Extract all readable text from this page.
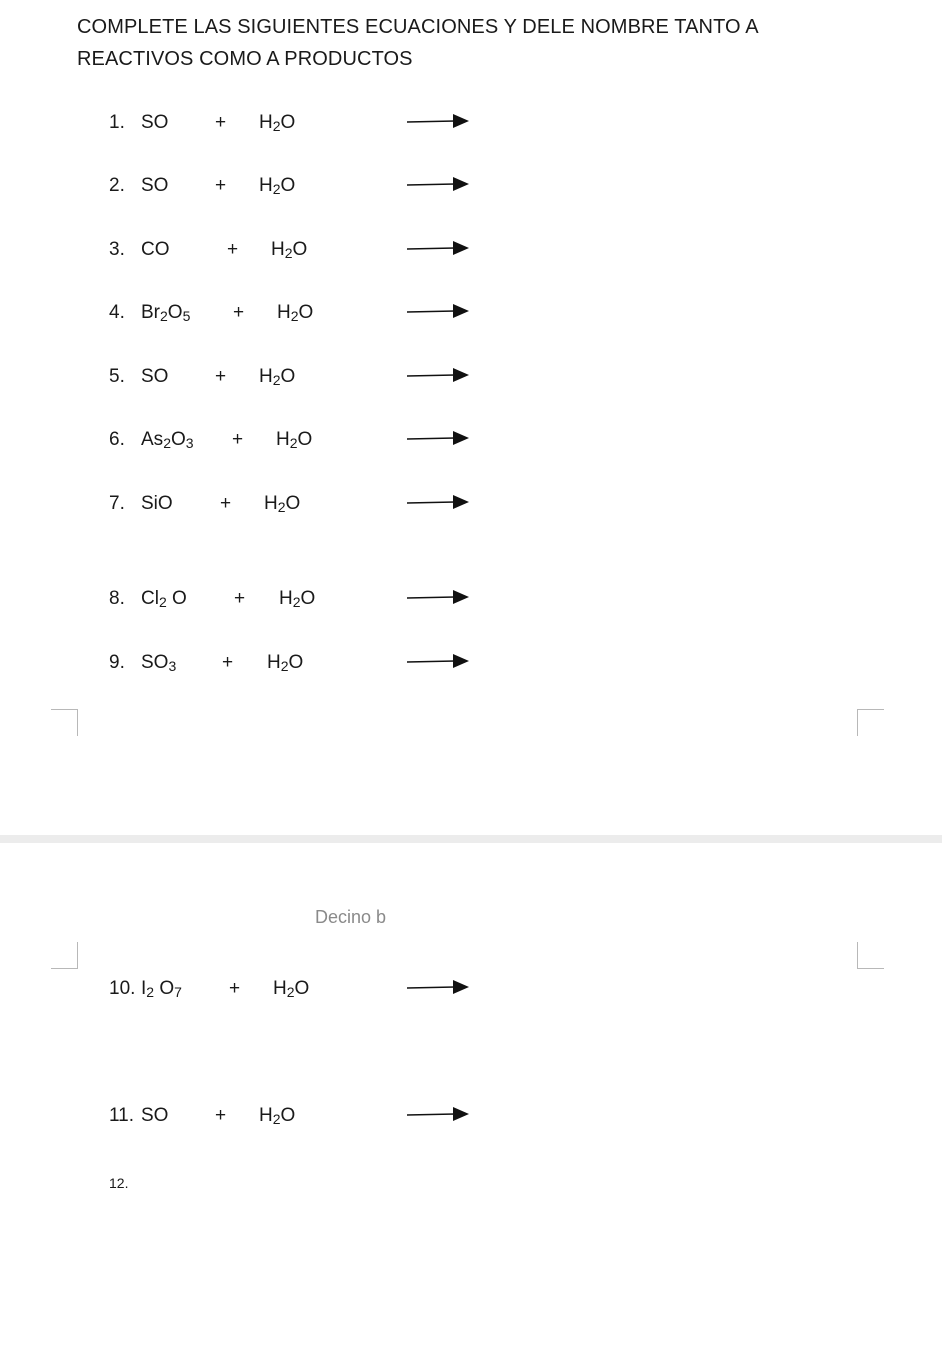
COMPLETE LAS SIGUIENTES ECUACIONES Y DELE NOMBRE TANTO A
REACTIVOS COMO A PRODUCTOS
1. SO + $H_2O$
2. SO + $H_2O$
3. CO	+ $H_2O$
4. $Br_2O_5 + H_2O$
5. SO + $H_2O$
6. $As_2O_3 + H_2O$
7. SiO + $H_2O$
8. $Cl_2$ $O + H_2O$
9. $SO_3 + H_2O$
10. $I_2$ $O_7 + H_2O$
11. SO + $H_2O$
Decino b
12.
